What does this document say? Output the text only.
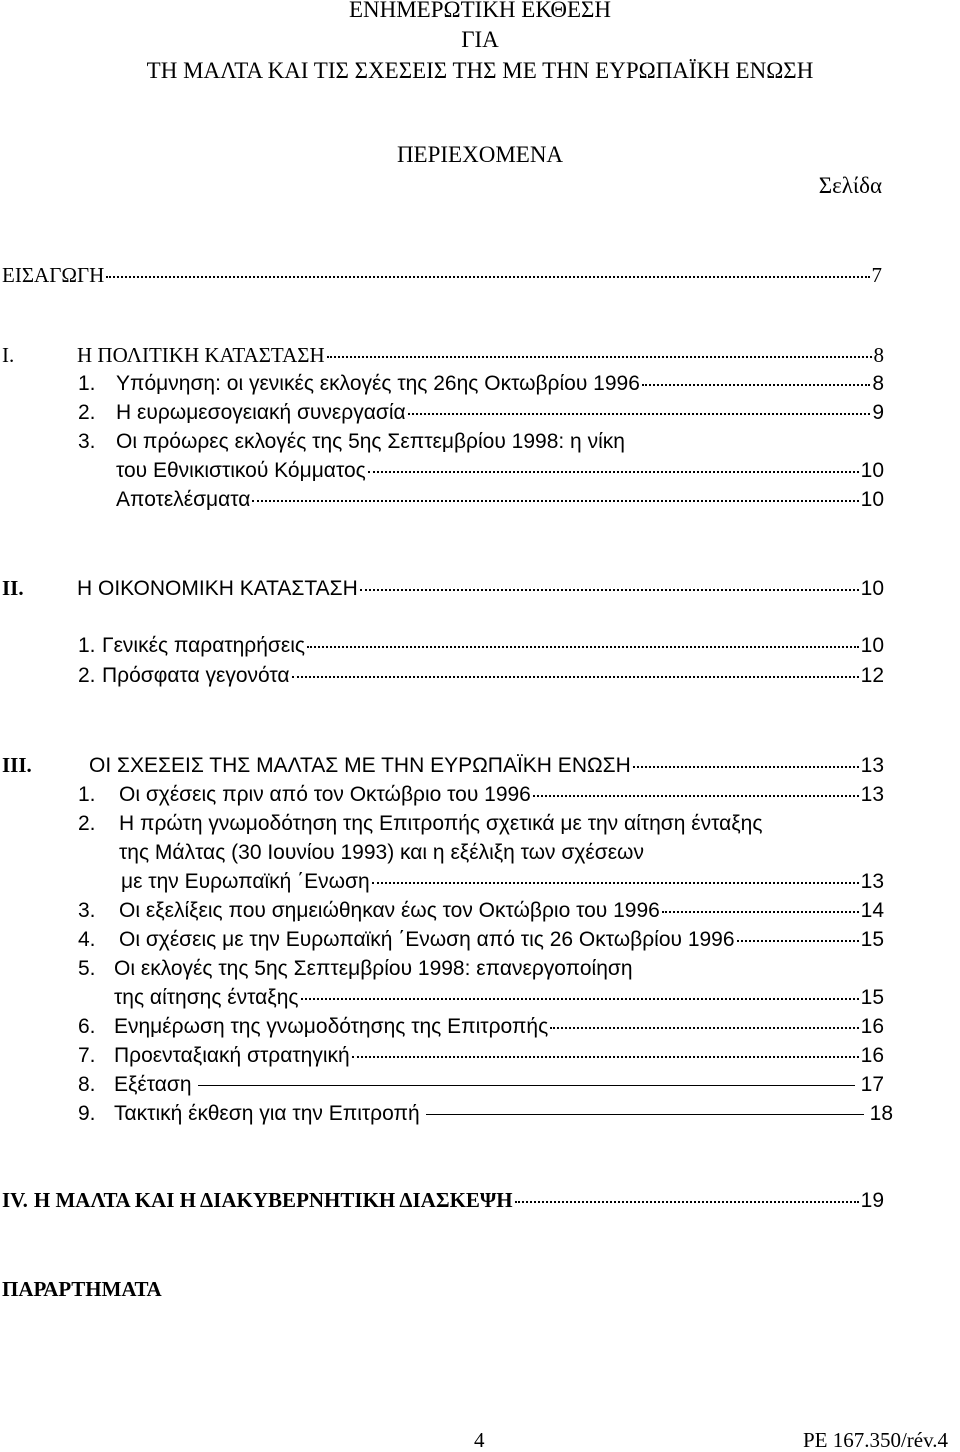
ΕΝΗΜΕΡΩΤΙΚΗ ΕΚΘΕΣΗ
ΓΙΑ
ΤΗ ΜΑΛΤΑ ΚΑΙ ΤΙΣ ΣΧΕΣΕΙΣ ΤΗΣ ΜΕ ΤΗΝ ΕΥΡΩΠΑΪΚΗ ΕΝΩΣΗ
ΠΕΡΙΕΧΟΜΕΝΑ
Σελίδα
ΕΙΣΑΓΩΓΗ	7
I.	Η ΠΟΛΙΤΙΚΗ ΚΑΤΑΣΤΑΣΗ	8
1. Υπόμνηση: οι γενικές εκλογές της 26ης Οκτωβρίου 1996	8
2. Η ευρωμεσογειακή συνεργασία	9
3. Οι πρόωρες εκλογές της 5ης Σεπτεμβρίου 1998: η νίκη
του Εθνικιστικού Κόμματος	10
Αποτελέσματα	10
II.	Η ΟΙΚΟΝΟΜΙΚΗ ΚΑΤΑΣΤΑΣΗ	10
1. Γενικές παρατηρήσεις	10
2. Πρόσφατα γεγονότα	12
III.	ΟΙ ΣΧΕΣΕΙΣ ΤΗΣ ΜΑΛΤΑΣ ΜΕ ΤΗΝ ΕΥΡΩΠΑΪΚΗ ΕΝΩΣΗ	13
1.	Οι σχέσεις πριν από τον Οκτώβριο του 1996	13
2.	Η πρώτη γνωμοδότηση της Επιτροπής σχετικά με την αίτηση ένταξης
της Μάλτας (30 Ιουνίου 1993) και η εξέλιξη των σχέσεων
με την Ευρωπαϊκή ΄Ενωση	13
3.	Οι εξελίξεις που σημειώθηκαν έως τον Οκτώβριο του 1996	14
4.	Οι σχέσεις με την Ευρωπαϊκή ΄Ενωση από τις 26 Οκτωβρίου 1996	15
5. Οι εκλογές της 5ης Σεπτεμβρίου 1998: επανεργοποίηση
της αίτησης ένταξης	15
6. Ενημέρωση της γνωμοδότησης της Επιτροπής	16
7. Προενταξιακή στρατηγική	16
8. Εξέταση	17
9. Τακτική έκθεση για την Επιτροπή	18
IV. Η ΜΑΛΤΑ ΚΑΙ Η ΔΙΑΚΥΒΕΡΝΗΤΙΚΗ ΔΙΑΣΚΕΨΗ	19
ΠΑΡΑΡΤΗΜΑΤΑ
4	PE 167.350/rév.4
